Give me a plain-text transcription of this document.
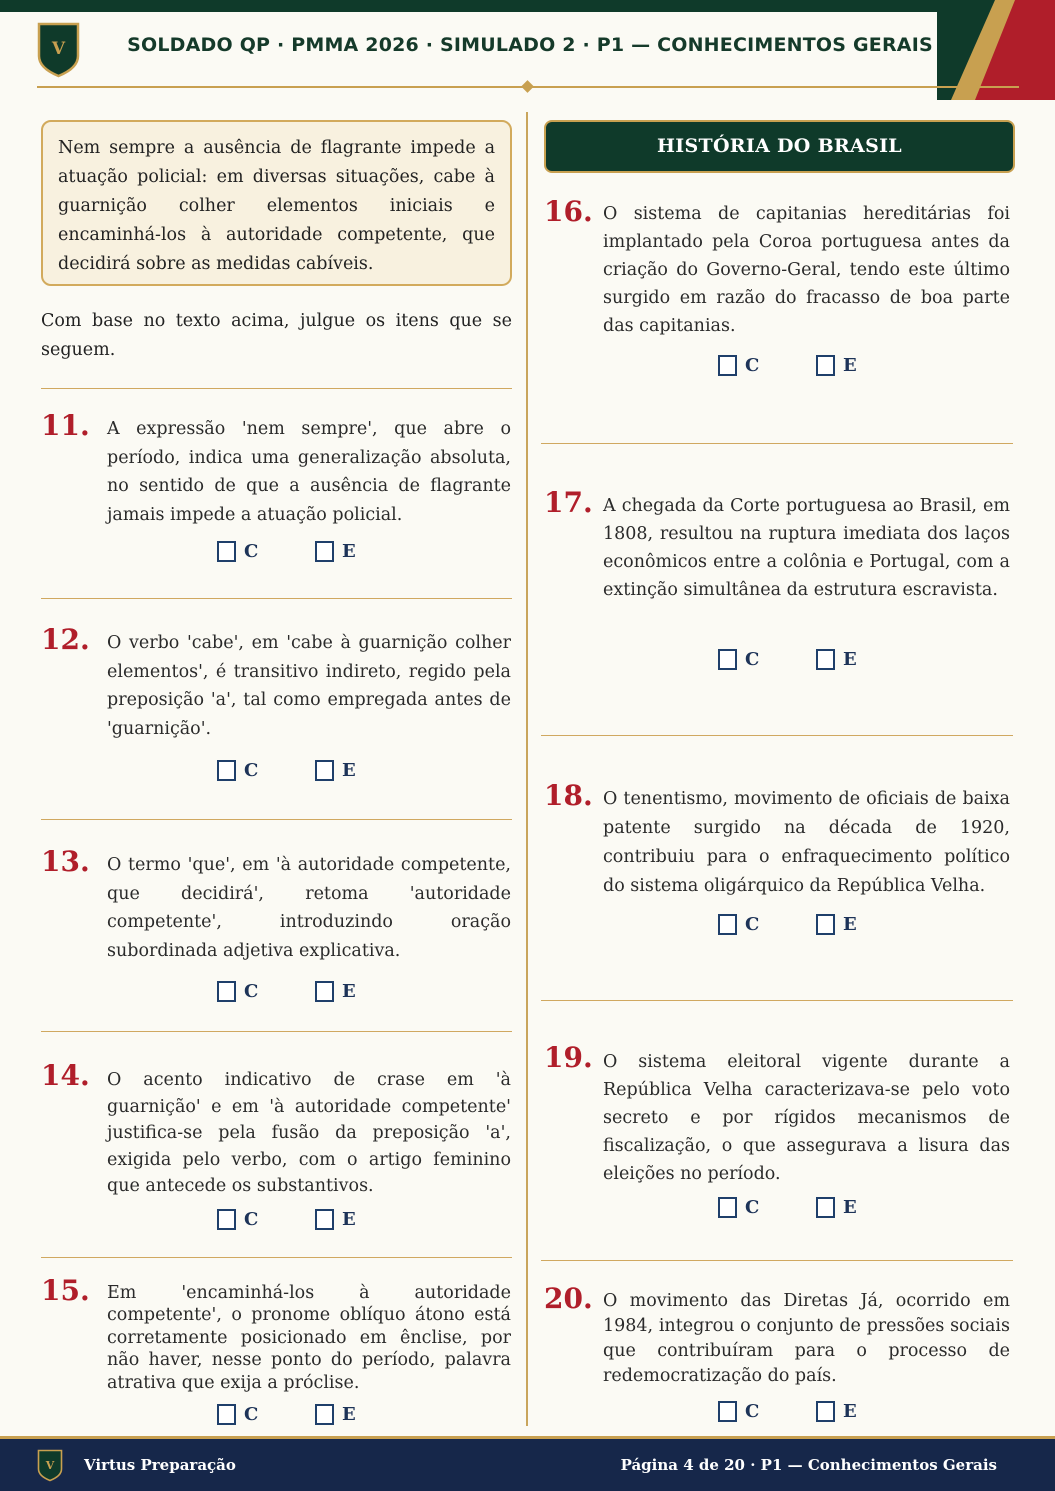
V	SOLDADO QP · PMMA 2026 · SIMULADO 2 · P1 — CONHECIMENTOS GERAIS
Nem sempre a ausência de flagrante impede a atuação policial: em diversas situações, cabe à guarnição colher elementos iniciais e encaminhá-los à autoridade competente, que decidirá sobre as medidas cabíveis.
Com base no texto acima, julgue os itens que se seguem.
11. A expressão 'nem sempre', que abre o período, indica uma generalização absoluta, no sentido de que a ausência de flagrante jamais impede a atuação policial.
C	E
12. O verbo 'cabe', em 'cabe à guarnição colher elementos', é transitivo indireto, regido pela preposição 'a', tal como empregada antes de 'guarnição'.
C	E
13. O termo 'que', em 'à autoridade competente, que decidirá', retoma 'autoridade competente', introduzindo oração subordinada adjetiva explicativa.
C	E
14. O acento indicativo de crase em 'à guarnição' e em 'à autoridade competente' justifica-se pela fusão da preposição 'a', exigida pelo verbo, com o artigo feminino que antecede os substantivos.
C	E
15. Em 'encaminhá-los à autoridade competente', o pronome oblíquo átono está corretamente posicionado em ênclise, por não haver, nesse ponto do período, palavra atrativa que exija a próclise.
C	E
HISTÓRIA DO BRASIL
16. O sistema de capitanias hereditárias foi implantado pela Coroa portuguesa antes da criação do Governo-Geral, tendo este último surgido em razão do fracasso de boa parte das capitanias.
C	E
17. A chegada da Corte portuguesa ao Brasil, em 1808, resultou na ruptura imediata dos laços econômicos entre a colônia e Portugal, com a extinção simultânea da estrutura escravista.
C	E
18. O tenentismo, movimento de oficiais de baixa patente surgido na década de 1920, contribuiu para o enfraquecimento político do sistema oligárquico da República Velha.
C	E
19. O sistema eleitoral vigente durante a República Velha caracterizava-se pelo voto secreto e por rígidos mecanismos de fiscalização, o que assegurava a lisura das eleições no período.
C	E
20. O movimento das Diretas Já, ocorrido em 1984, integrou o conjunto de pressões sociais que contribuíram para o processo de redemocratização do país.
C	E
V Virtus Preparação	Página 4 de 20 · P1 — Conhecimentos Gerais
